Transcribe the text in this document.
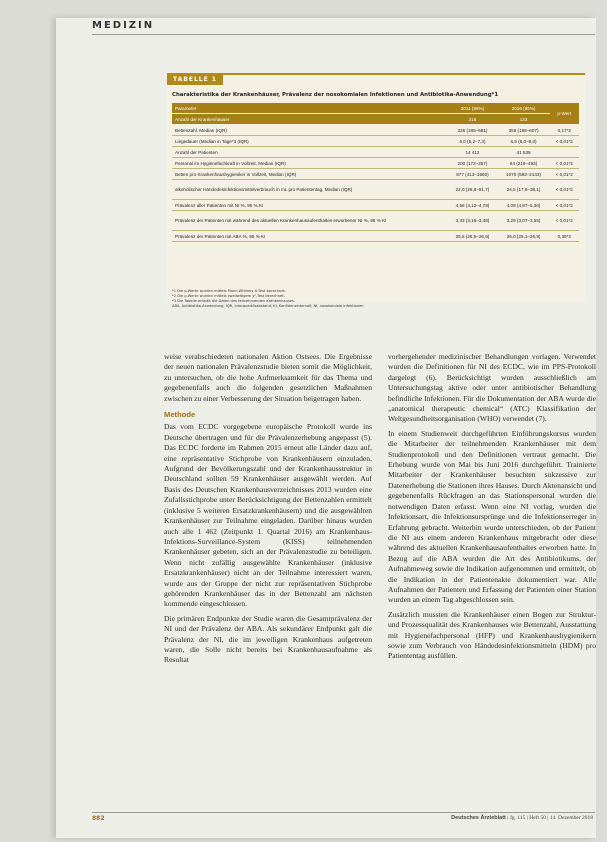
MEDIZIN
TABELLE 1
Charakteristika der Krankenhäuser, Prävalenz der nosokomialen Infektionen und Antibiotika-Anwendung*1
Parameter	2011 (95%)	2016 (95%)	p-Wert
Anzahl der Krankenhäuser	218	123	
Bettenzahl, Median (IQR)	326 (185–581)	356 (186–607)	0,17*2
Liegedauer (Median in Tage*3 (IQR)	6,0 (5,2–7,3)	6,5 (6,0–8,0)	< 0,01*2
Anzahl der Patienten	14 412	41 539	
Personal im Hygienefachkraft in Vollzeit, Median (IQR)	200 (172–257)	84 (218–493)	< 0,01*2
Betten pro Krankenhaushygieniker in Vollzeit, Median (IQR)	877 (413–1560)	1070 (592–2143)	< 0,01*2
alkoholischer Händedesinfektionsmittelverbrauch in mL pro Patiententag, Median (IQR)	22,0 (25,6–51,7)	24,5 (17,6–38,1)	< 0,01*2
Prävalenz aller Patienten mit NI %, 95 % KI	4,58 (4,12–4,79)	4,09 (4,87–5,30)	< 0,01*2
Prävalenz der Patienten mit während des aktuellen Krankenhausaufenthaltes erworbener NI %, 95 % KI	3,33 (3,15–3,48)	3,29 (3,07–3,55)	< 0,01*2
Prävalenz der Patienten mit ABA %, 95 % KI	25,5 (26,5–26,9)	26,0 (25,1–26,9)	0,39*2
*1 Die p-Werte wurden mittels Mann-Whitney-U-Test berechnet.
*2 Die p-Werte wurden mittels zweiseitigem χ²-Test berechnet.
*3 Die Tabelle enthält die Daten des teilnehmenden Krankenhauses.
ABA, Antibiotika-Anwendung; IQR, Interquartilsabstand; KI, Konfidenzintervall; NI, nosokomiale Infektionen

weise verabschiedeten nationalen Aktion Ostsees. Die Ergebnisse der neuen nationalen Prävalenzstudie bieten somit die Möglichkeit, zu untersuchen, ob die hohe Aufmerksamkeit für das Thema und gegebenenfalls auch die folgenden gesetzlichen Maßnahmen zwischen zu einer Verbesserung der Situation beigetragen haben.

Methode

Das vom ECDC vorgegebene europäische Protokoll wurde ins Deutsche übertragen und für die Prävalenzerhebung angepasst (5). Das ECDC forderte im Rahmen 2015 erneut alle Länder dazu auf, eine repräsentative Stichprobe von Krankenhäusern einzuladen. Aufgrund der Bevölkerungszahl und der Krankenhausstruktur in Deutschland sollten 59 Krankenhäuser ausgewählt werden. Auf Basis des Deutschen Krankenhausverzeichnisses 2013 wurden eine Zufallsstichprobe unter Berücksichtigung der Bettenzahlen ermittelt (inklusive 5 weiteren Ersatzkrankenhäusern) und die ausgewählten Krankenhäuser zur Teilnahme eingeladen. Darüber hinaus wurden auch alle 1 462 (Zeitpunkt 1. Quartal 2016) am Krankenhaus-Infektions-Surveillance-System (KISS) teilnehmenden Krankenhäuser gebeten, sich an der Prävalenzstudie zu beteiligen. Wenn nicht zufällig ausgewählte Krankenhäuser (inklusive Ersatzkrankenhäuser) nicht an der Teilnahme interessiert waren, wurde aus der Gruppe der nicht zur repräsentativen Stichprobe gehörenden Krankenhäuser das in der Bettenzahl am nächsten kommende eingeschlossen.

Die primären Endpunkte der Studie waren die Gesamtprävalenz der NI und der Prävalenz der ABA. Als sekundärer Endpunkt galt die Prävalenz der NI, die im jeweiligen Krankenhaus aufgetreten waren, die Solle nicht bereits bei Krankenhausaufnahme als Resultat

vorhergehender medizinischer Behandlungen vorlagen. Verwendet wurden die Definitionen für NI des ECDC, wie im PPS-Protokoll dargelegt (6). Berücksichtigt wurden ausschließlich am Untersuchungstag aktive oder unter antibiotischer Behandlung befindliche Infektionen. Für die Dokumentation der ABA wurde die „anatomical therapeutic chemical“ (ATC) Klassifikation der Weltgesundheitsorganisation (WHO) verwendet (7).

In einem Studienweit durchgeführten Einführungskursus wurden die Mitarbeiter der teilnehmenden Krankenhäuser mit dem Studienprotokoll und den Definitionen vertraut gemacht. Die Erhebung wurde von Mai bis Juni 2016 durchgeführt. Trainierte Mitarbeiter der Krankenhäuser besuchten sukzessive zur Datenerhebung die Stationen ihres Hauses. Durch Aktenansicht und gegebenenfalls Rückfragen an das Stationspersonal wurden die notwendigen Daten erfasst. Wenn eine NI vorlag, wurden die Infektionsart, die Infektionsursprünge und die Infektionserreger in Erfahrung gebracht. Weiterhin wurde unterschieden, ob der Patient die NI aus einem anderen Krankenhaus mitgebracht oder diese während des aktuellen Krankenhausaufenthaltes erworben hatte. In Bezug auf die ABA wurden die Art des Antibiotikums, der Aufnahmeweg sowie die Indikation aufgenommen und ermittelt, ob die Indikation in der Patientenakte dokumentiert war. Alle Aufnahmen der Patienten und Erfassung der Patienten einer Station wurden an einem Tag abgeschlossen sein.

Zusätzlich mussten die Krankenhäuser einen Bogen zur Struktur- und Prozessqualität des Krankenhauses wie Bettenzahl, Ausstattung mit Hygienefachpersonal (HFP) und Krankenhaushygienikern sowie zum Verbrauch von Händedesinfektionsmitteln (HDM) pro Patiententag ausfüllen.

882	Deutsches Ärzteblatt | Jg. 115 | Heft 50 | 14. Dezember 2018
